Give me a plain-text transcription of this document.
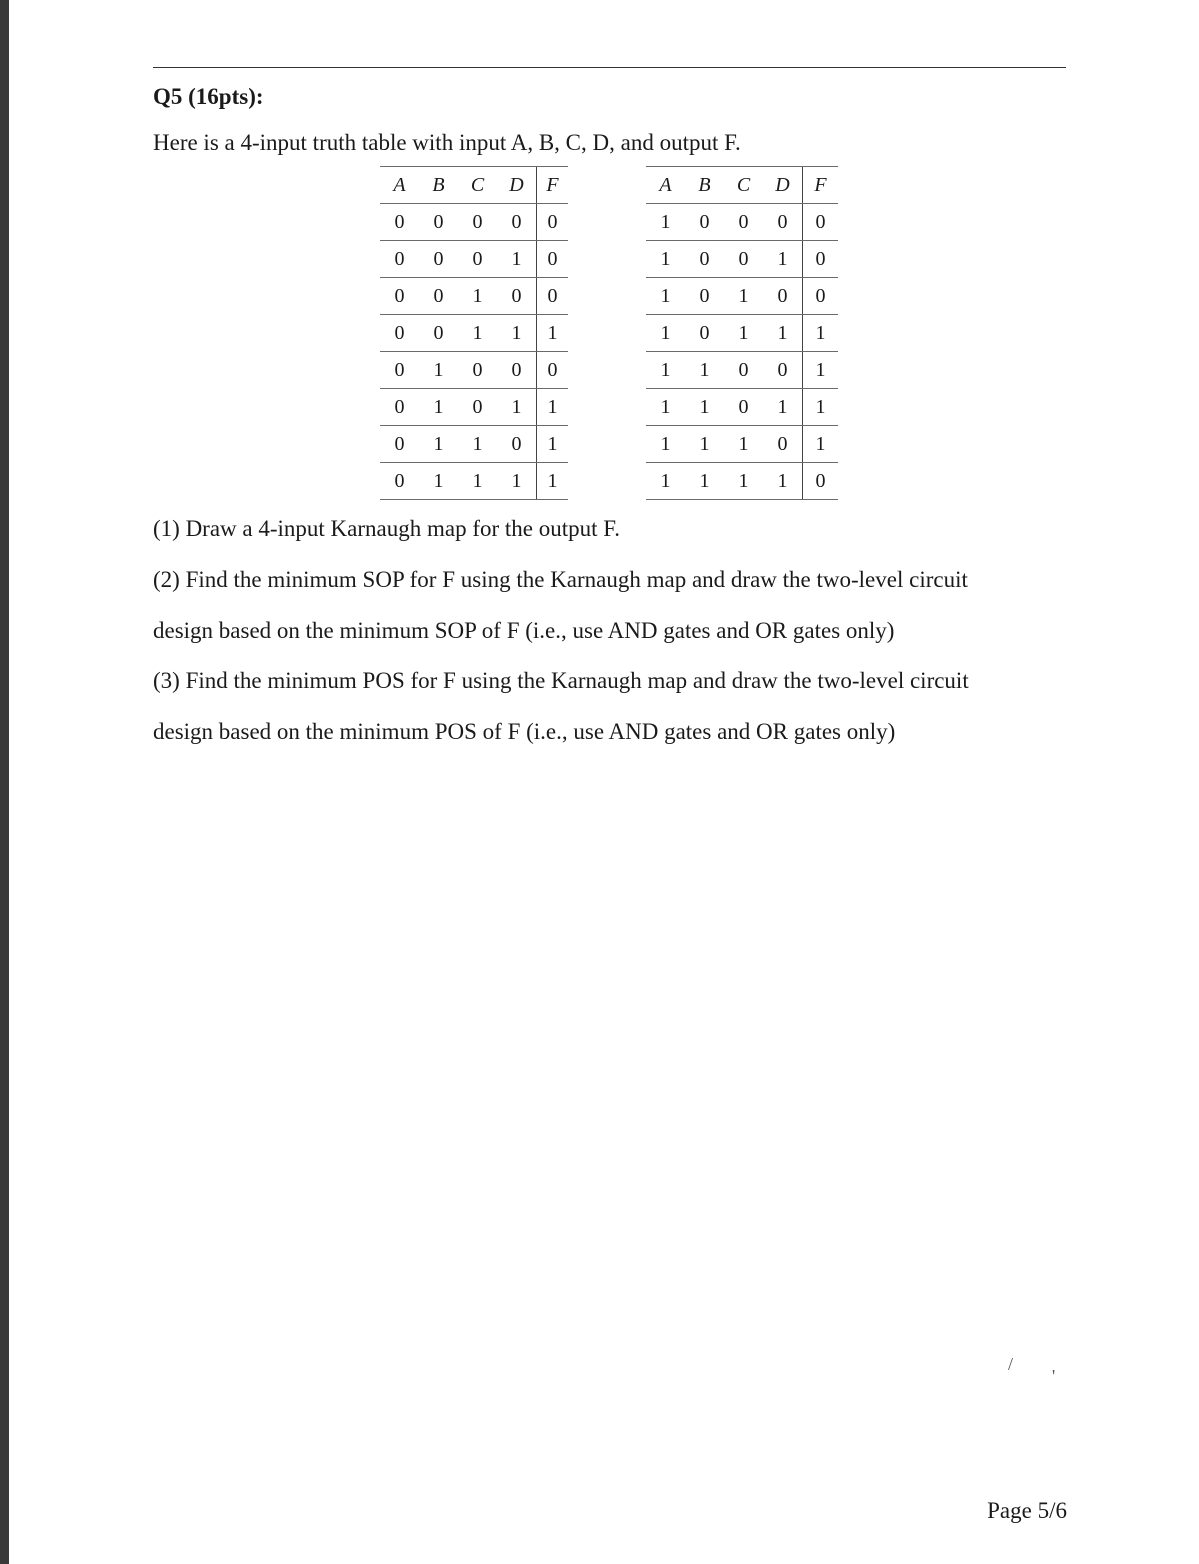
Q5 (16pts):
Here is a 4-input truth table with input A, B, C, D, and output F.
A	B	C	D	F
0	0	0	0	0
0	0	0	1	0
0	0	1	0	0
0	0	1	1	1
0	1	0	0	0
0	1	0	1	1
0	1	1	0	1
0	1	1	1	1
A	B	C	D	F
1	0	0	0	0
1	0	0	1	0
1	0	1	0	0
1	0	1	1	1
1	1	0	0	1
1	1	0	1	1
1	1	1	0	1
1	1	1	1	0
(1) Draw a 4-input Karnaugh map for the output F.
(2) Find the minimum SOP for F using the Karnaugh map and draw the two-level circuit
design based on the minimum SOP of F (i.e., use AND gates and OR gates only)
(3) Find the minimum POS for F using the Karnaugh map and draw the two-level circuit
design based on the minimum POS of F (i.e., use AND gates and OR gates only)
/
'
Page 5/6
